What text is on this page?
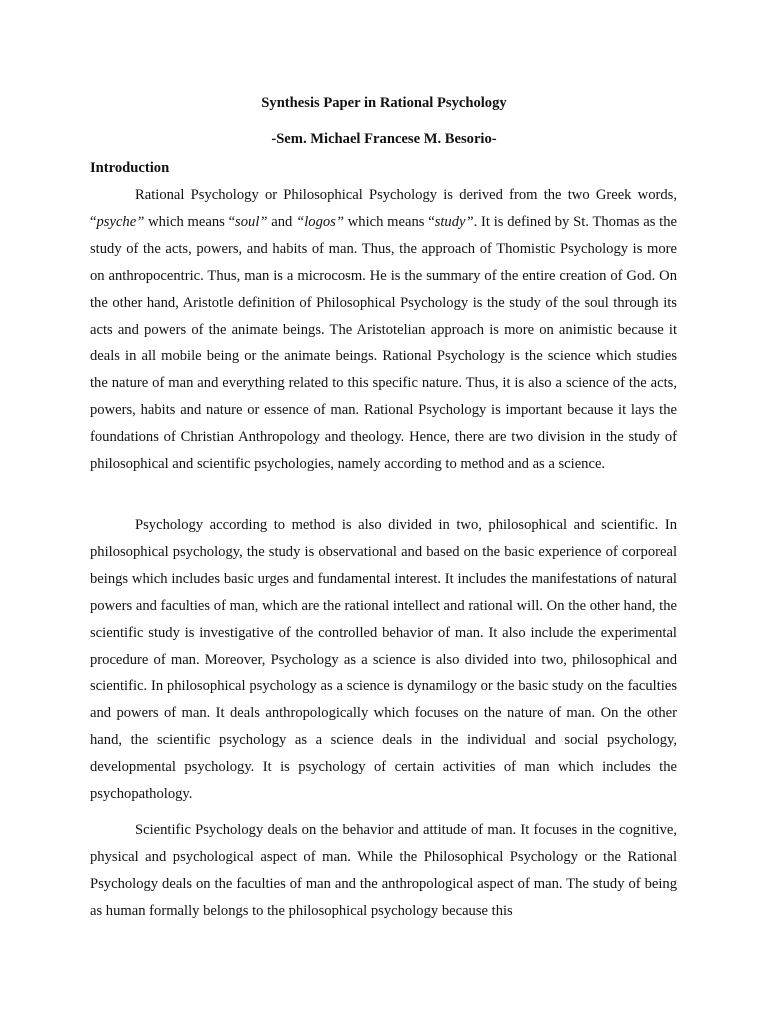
Synthesis Paper in Rational Psychology
-Sem. Michael Francese M. Besorio-
Introduction

Rational Psychology or Philosophical Psychology is derived from the two Greek words, “psyche” which means “soul” and “logos” which means “study”. It is defined by St. Thomas as the study of the acts, powers, and habits of man. Thus, the approach of Thomistic Psychology is more on anthropocentric. Thus, man is a microcosm. He is the summary of the entire creation of God. On the other hand, Aristotle definition of Philosophical Psychology is the study of the soul through its acts and powers of the animate beings. The Aristotelian approach is more on animistic because it deals in all mobile being or the animate beings. Rational Psychology is the science which studies the nature of man and everything related to this specific nature. Thus, it is also a science of the acts, powers, habits and nature or essence of man. Rational Psychology is important because it lays the foundations of Christian Anthropology and theology. Hence, there are two division in the study of philosophical and scientific psychologies, namely according to method and as a science.

Psychology according to method is also divided in two, philosophical and scientific. In philosophical psychology, the study is observational and based on the basic experience of corporeal beings which includes basic urges and fundamental interest. It includes the manifestations of natural powers and faculties of man, which are the rational intellect and rational will. On the other hand, the scientific study is investigative of the controlled behavior of man. It also include the experimental procedure of man. Moreover, Psychology as a science is also divided into two, philosophical and scientific. In philosophical psychology as a science is dynamilogy or the basic study on the faculties and powers of man. It deals anthropologically which focuses on the nature of man. On the other hand, the scientific psychology as a science deals in the individual and social psychology, developmental psychology. It is psychology of certain activities of man which includes the psychopathology.

Scientific Psychology deals on the behavior and attitude of man. It focuses in the cognitive, physical and psychological aspect of man. While the Philosophical Psychology or the Rational Psychology deals on the faculties of man and the anthropological aspect of man. The study of being as human formally belongs to the philosophical psychology because this
